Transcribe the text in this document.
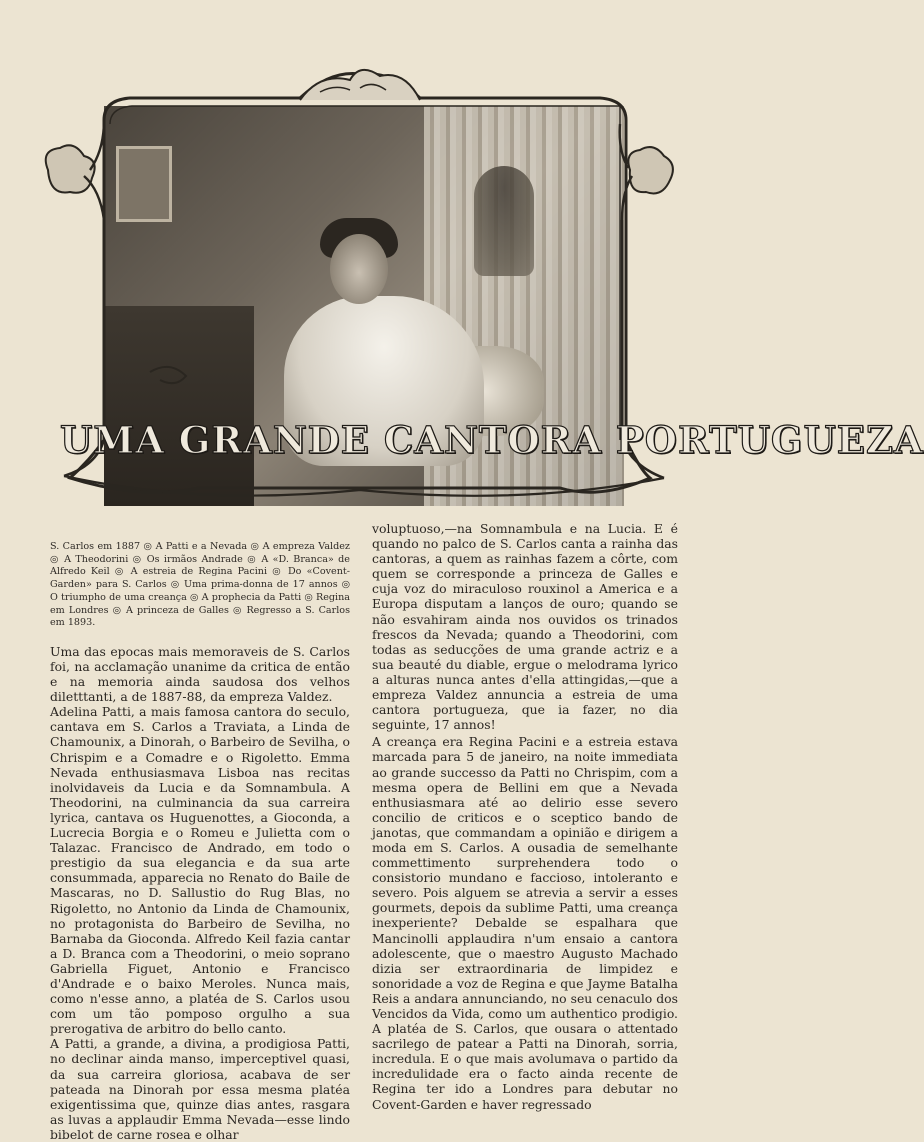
UMA GRANDE CANTORA PORTUGUEZA

S. Carlos em 1887 ◎ A Patti e a Nevada ◎ A empreza Valdez ◎ A Theodorini ◎ Os irmãos Andrade ◎ A «D. Branca» de Alfredo Keil ◎ A estreia de Regina Pacini ◎ Do «Covent-Garden» para S. Carlos ◎ Uma prima-donna de 17 annos ◎ O triumpho de uma creança ◎ A prophecia da Patti ◎ Regina em Londres ◎ A princeza de Galles ◎ Regresso a S. Carlos em 1893.

Uma das epocas mais memoraveis de S. Carlos foi, na acclamação unanime da critica de então e na memoria ainda saudosa dos velhos diletttanti, a de 1887-88, da empreza Valdez.

Adelina Patti, a mais famosa cantora do seculo, cantava em S. Carlos a Traviata, a Linda de Chamounix, a Dinorah, o Barbeiro de Sevilha, o Chrispim e a Comadre e o Rigoletto. Emma Nevada enthusiasmava Lisboa nas recitas inolvidaveis da Lucia e da Somnambula. A Theodorini, na culminancia da sua carreira lyrica, cantava os Huguenottes, a Gioconda, a Lucrecia Borgia e o Romeu e Julietta com o Talazac. Francisco de Andrado, em todo o prestigio da sua elegancia e da sua arte consummada, apparecia no Renato do Baile de Mascaras, no D. Sallustio do Rug Blas, no Rigoletto, no Antonio da Linda de Chamounix, no protagonista do Barbeiro de Sevilha, no Barnaba da Gioconda. Alfredo Keil fazia cantar a D. Branca com a Theodorini, o meio soprano Gabriella Figuet, Antonio e Francisco d'Andrade e o baixo Meroles. Nunca mais, como n'esse anno, a platéa de S. Carlos usou com um tão pomposo orgulho a sua prerogativa de arbitro do bello canto.

A Patti, a grande, a divina, a prodigiosa Patti, no declinar ainda manso, imperceptivel quasi, da sua carreira gloriosa, acabava de ser pateada na Dinorah por essa mesma platéa exigentissima que, quinze dias antes, rasgara as luvas a applaudir Emma Nevada—esse lindo bibelot de carne rosea e olhar

voluptuoso,—na Somnambula e na Lucia. E é quando no palco de S. Carlos canta a rainha das cantoras, a quem as rainhas fazem a côrte, com quem se corresponde a princeza de Galles e cuja voz do miraculoso rouxinol a America e a Europa disputam a lanços de ouro; quando se não esvahiram ainda nos ouvidos os trinados frescos da Nevada; quando a Theodorini, com todas as seducções de uma grande actriz e a sua beauté du diable, ergue o melodrama lyrico a alturas nunca antes d'ella attingidas,—que a empreza Valdez annuncia a estreia de uma cantora portugueza, que ia fazer, no dia seguinte, 17 annos!

A creança era Regina Pacini e a estreia estava marcada para 5 de janeiro, na noite immediata ao grande successo da Patti no Chrispim, com a mesma opera de Bellini em que a Nevada enthusiasmara até ao delirio esse severo concilio de criticos e o sceptico bando de janotas, que commandam a opinião e dirigem a moda em S. Carlos. A ousadia de semelhante commettimento surprehendera todo o consistorio mundano e faccioso, intoleranto e severo. Pois alguem se atrevia a servir a esses gourmets, depois da sublime Patti, uma creança inexperiente? Debalde se espalhara que Mancinolli applaudira n'um ensaio a cantora adolescente, que o maestro Augusto Machado dizia ser extraordinaria de limpidez e sonoridade a voz de Regina e que Jayme Batalha Reis a andara annunciando, no seu cenaculo dos Vencidos da Vida, como um authentico prodigio. A platéa de S. Carlos, que ousara o attentado sacrilego de patear a Patti na Dinorah, sorria, incredula. E o que mais avolumava o partido da incredulidade era o facto ainda recente de Regina ter ido a Londres para debutar no Covent-Garden e haver regressado
